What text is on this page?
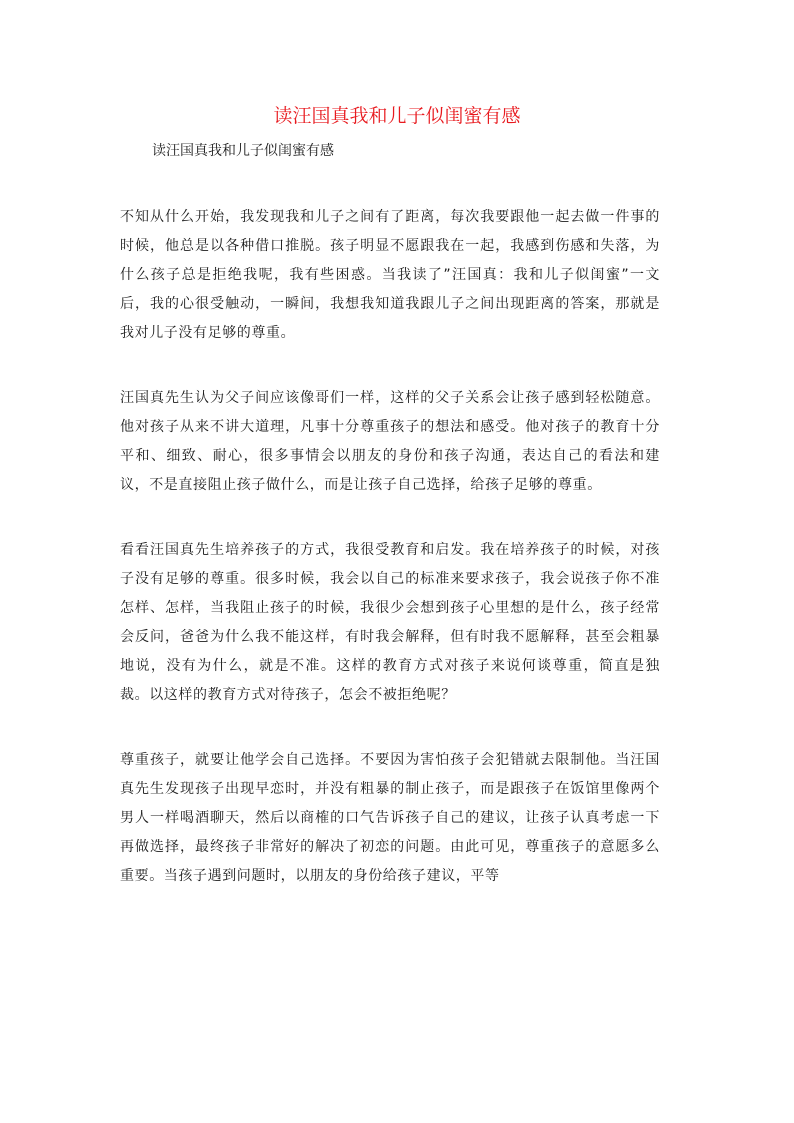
读汪国真我和儿子似闺蜜有感

读汪国真我和儿子似闺蜜有感

不知从什么开始，我发现我和儿子之间有了距离，每次我要跟他一起去做一件事的时候，他总是以各种借口推脱。孩子明显不愿跟我在一起，我感到伤感和失落，为什么孩子总是拒绝我呢，我有些困惑。当我读了”汪国真：我和儿子似闺蜜”一文后，我的心很受触动，一瞬间，我想我知道我跟儿子之间出现距离的答案，那就是我对儿子没有足够的尊重。

汪国真先生认为父子间应该像哥们一样，这样的父子关系会让孩子感到轻松随意。他对孩子从来不讲大道理，凡事十分尊重孩子的想法和感受。他对孩子的教育十分平和、细致、耐心，很多事情会以朋友的身份和孩子沟通，表达自己的看法和建议，不是直接阻止孩子做什么，而是让孩子自己选择，给孩子足够的尊重。

看看汪国真先生培养孩子的方式，我很受教育和启发。我在培养孩子的时候，对孩子没有足够的尊重。很多时候，我会以自己的标准来要求孩子，我会说孩子你不准怎样、怎样，当我阻止孩子的时候，我很少会想到孩子心里想的是什么，孩子经常会反问，爸爸为什么我不能这样，有时我会解释，但有时我不愿解释，甚至会粗暴地说，没有为什么，就是不准。这样的教育方式对孩子来说何谈尊重，简直是独裁。以这样的教育方式对待孩子，怎会不被拒绝呢？

尊重孩子，就要让他学会自己选择。不要因为害怕孩子会犯错就去限制他。当汪国真先生发现孩子出现早恋时，并没有粗暴的制止孩子，而是跟孩子在饭馆里像两个男人一样喝酒聊天，然后以商榷的口气告诉孩子自己的建议，让孩子认真考虑一下再做选择，最终孩子非常好的解决了初恋的问题。由此可见，尊重孩子的意愿多么重要。当孩子遇到问题时，以朋友的身份给孩子建议，平等
